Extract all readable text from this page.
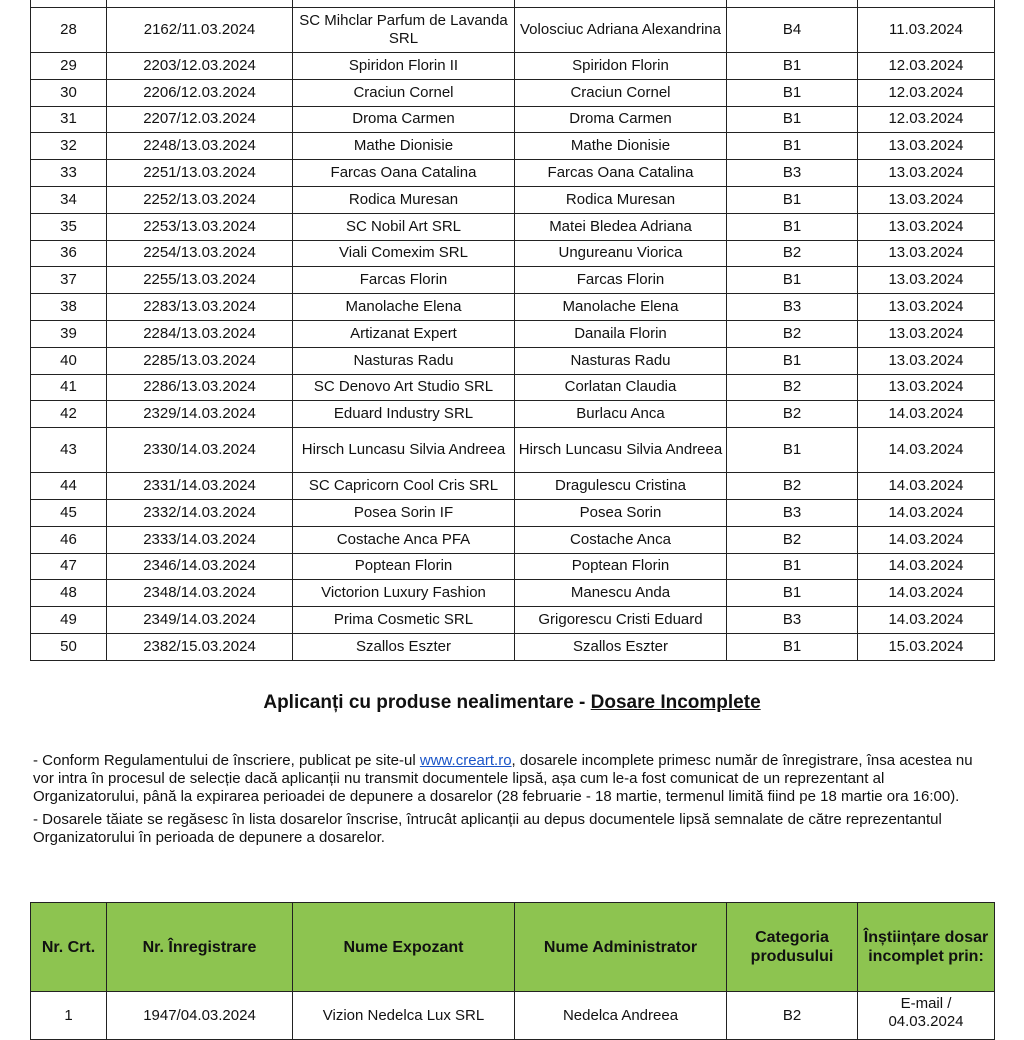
28	2162/11.03.2024	SC Mihclar Parfum de Lavanda SRL	Volosciuc Adriana Alexandrina	B4	11.03.2024
29	2203/12.03.2024	Spiridon Florin II	Spiridon Florin	B1	12.03.2024
30	2206/12.03.2024	Craciun Cornel	Craciun Cornel	B1	12.03.2024
31	2207/12.03.2024	Droma Carmen	Droma Carmen	B1	12.03.2024
32	2248/13.03.2024	Mathe Dionisie	Mathe Dionisie	B1	13.03.2024
33	2251/13.03.2024	Farcas Oana Catalina	Farcas Oana Catalina	B3	13.03.2024
34	2252/13.03.2024	Rodica Muresan	Rodica Muresan	B1	13.03.2024
35	2253/13.03.2024	SC Nobil Art SRL	Matei Bledea Adriana	B1	13.03.2024
36	2254/13.03.2024	Viali Comexim SRL	Ungureanu Viorica	B2	13.03.2024
37	2255/13.03.2024	Farcas Florin	Farcas Florin	B1	13.03.2024
38	2283/13.03.2024	Manolache Elena	Manolache Elena	B3	13.03.2024
39	2284/13.03.2024	Artizanat Expert	Danaila Florin	B2	13.03.2024
40	2285/13.03.2024	Nasturas Radu	Nasturas Radu	B1	13.03.2024
41	2286/13.03.2024	SC Denovo Art Studio SRL	Corlatan Claudia	B2	13.03.2024
42	2329/14.03.2024	Eduard Industry SRL	Burlacu Anca	B2	14.03.2024
43	2330/14.03.2024	Hirsch Luncasu Silvia Andreea	Hirsch Luncasu Silvia Andreea	B1	14.03.2024
44	2331/14.03.2024	SC Capricorn Cool Cris SRL	Dragulescu Cristina	B2	14.03.2024
45	2332/14.03.2024	Posea Sorin IF	Posea Sorin	B3	14.03.2024
46	2333/14.03.2024	Costache Anca PFA	Costache Anca	B2	14.03.2024
47	2346/14.03.2024	Poptean Florin	Poptean Florin	B1	14.03.2024
48	2348/14.03.2024	Victorion Luxury Fashion	Manescu Anda	B1	14.03.2024
49	2349/14.03.2024	Prima Cosmetic SRL	Grigorescu Cristi Eduard	B3	14.03.2024
50	2382/15.03.2024	Szallos Eszter	Szallos Eszter	B1	15.03.2024
Aplicanți cu produse nealimentare - Dosare Incomplete

- Conform Regulamentului de înscriere, publicat pe site-ul www.creart.ro, dosarele incomplete primesc număr de înregistrare, însa acestea nu vor intra în procesul de selecție dacă aplicanții nu transmit documentele lipsă, așa cum le-a fost comunicat de un reprezentant al Organizatorului, până la expirarea perioadei de depunere a dosarelor (28 februarie - 18 martie, termenul limită fiind pe 18 martie ora 16:00).

- Dosarele tăiate se regăsesc în lista dosarelor înscrise, întrucât aplicanții au depus documentele lipsă semnalate de către reprezentantul Organizatorului în perioada de depunere a dosarelor.

Nr. Crt.	Nr. Înregistrare	Nume Expozant	Nume Administrator	Categoria produsului	Înștiințare dosar incomplet prin:
1	1947/04.03.2024	Vizion Nedelca Lux SRL	Nedelca Andreea	B2	E-mail / 04.03.2024
